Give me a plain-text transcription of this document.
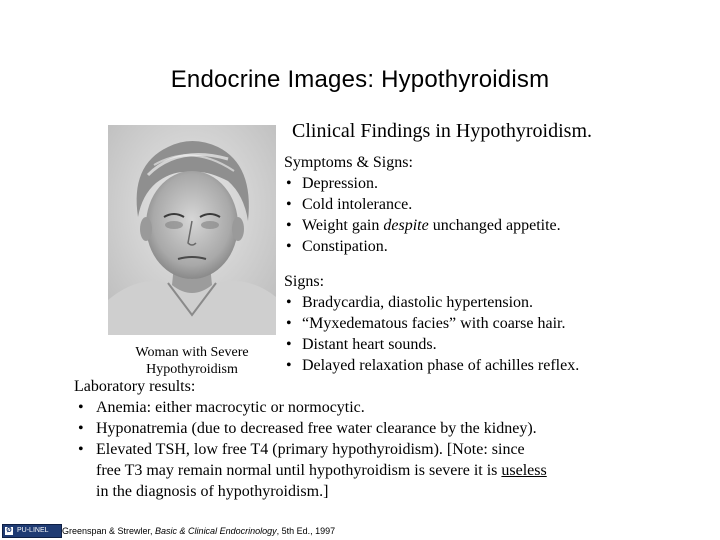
Endocrine Images: Hypothyroidism
Clinical Findings in Hypothyroidism.
Woman with Severe
Hypothyroidism
Symptoms & Signs:
• Depression.
• Cold intolerance.
• Weight gain despite unchanged appetite.
• Constipation.
Signs:
• Bradycardia, diastolic hypertension.
• “Myxedematous facies” with coarse hair.
• Distant heart sounds.
• Delayed relaxation phase of achilles reflex.
Laboratory results:
• Anemia: either macrocytic or normocytic.
• Hyponatremia (due to decreased free water clearance by the kidney).
• Elevated TSH, low free T4 (primary hypothyroidism). [Note: since
free T3 may remain normal until hypothyroidism is severe it is useless
in the diagnosis of hypothyroidism.]
Ø PU-LINEL Greenspan & Strewler, Basic & Clinical Endocrinology, 5th Ed., 1997
